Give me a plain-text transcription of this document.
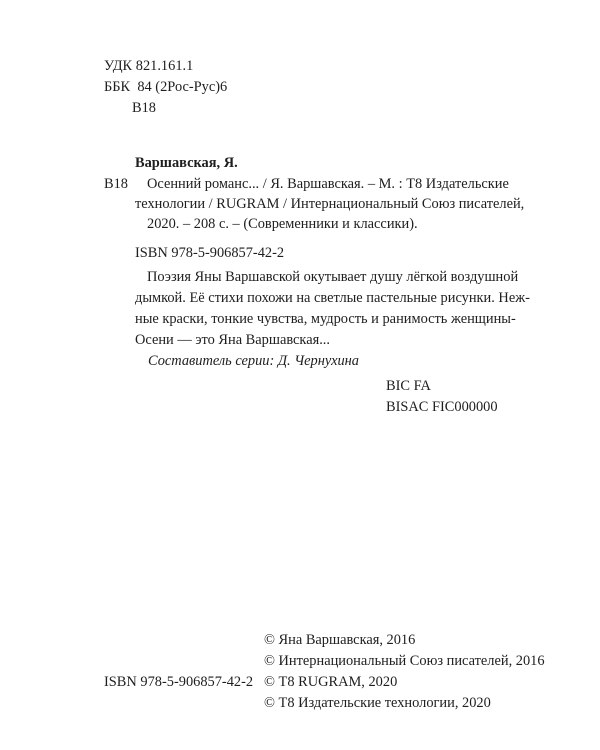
УДК 821.161.1

ББК  84 (2Рос-Рус)6

В18

Варшавская, Я.
В18	Осенний романс... / Я. Варшавская. – М. : Т8 Издательские

технологии / RUGRAM / Интернациональный Союз писателей,

2020. – 208 с. – (Современники и классики).

ISBN 978-5-906857-42-2

Поэзия Яны Варшавской окутывает душу лёгкой воздушной

дымкой. Её стихи похожи на светлые пастельные рисунки. Неж-

ные краски, тонкие чувства, мудрость и ранимость женщины-

Осени — это Яна Варшавская...

Составитель серии: Д. Чернухина

BIC FA

BISAC FIC000000

ISBN 978-5-906857-42-2

© Яна Варшавская, 2016

© Интернациональный Союз писателей, 2016

© Т8 RUGRAM, 2020

© Т8 Издательские технологии, 2020
